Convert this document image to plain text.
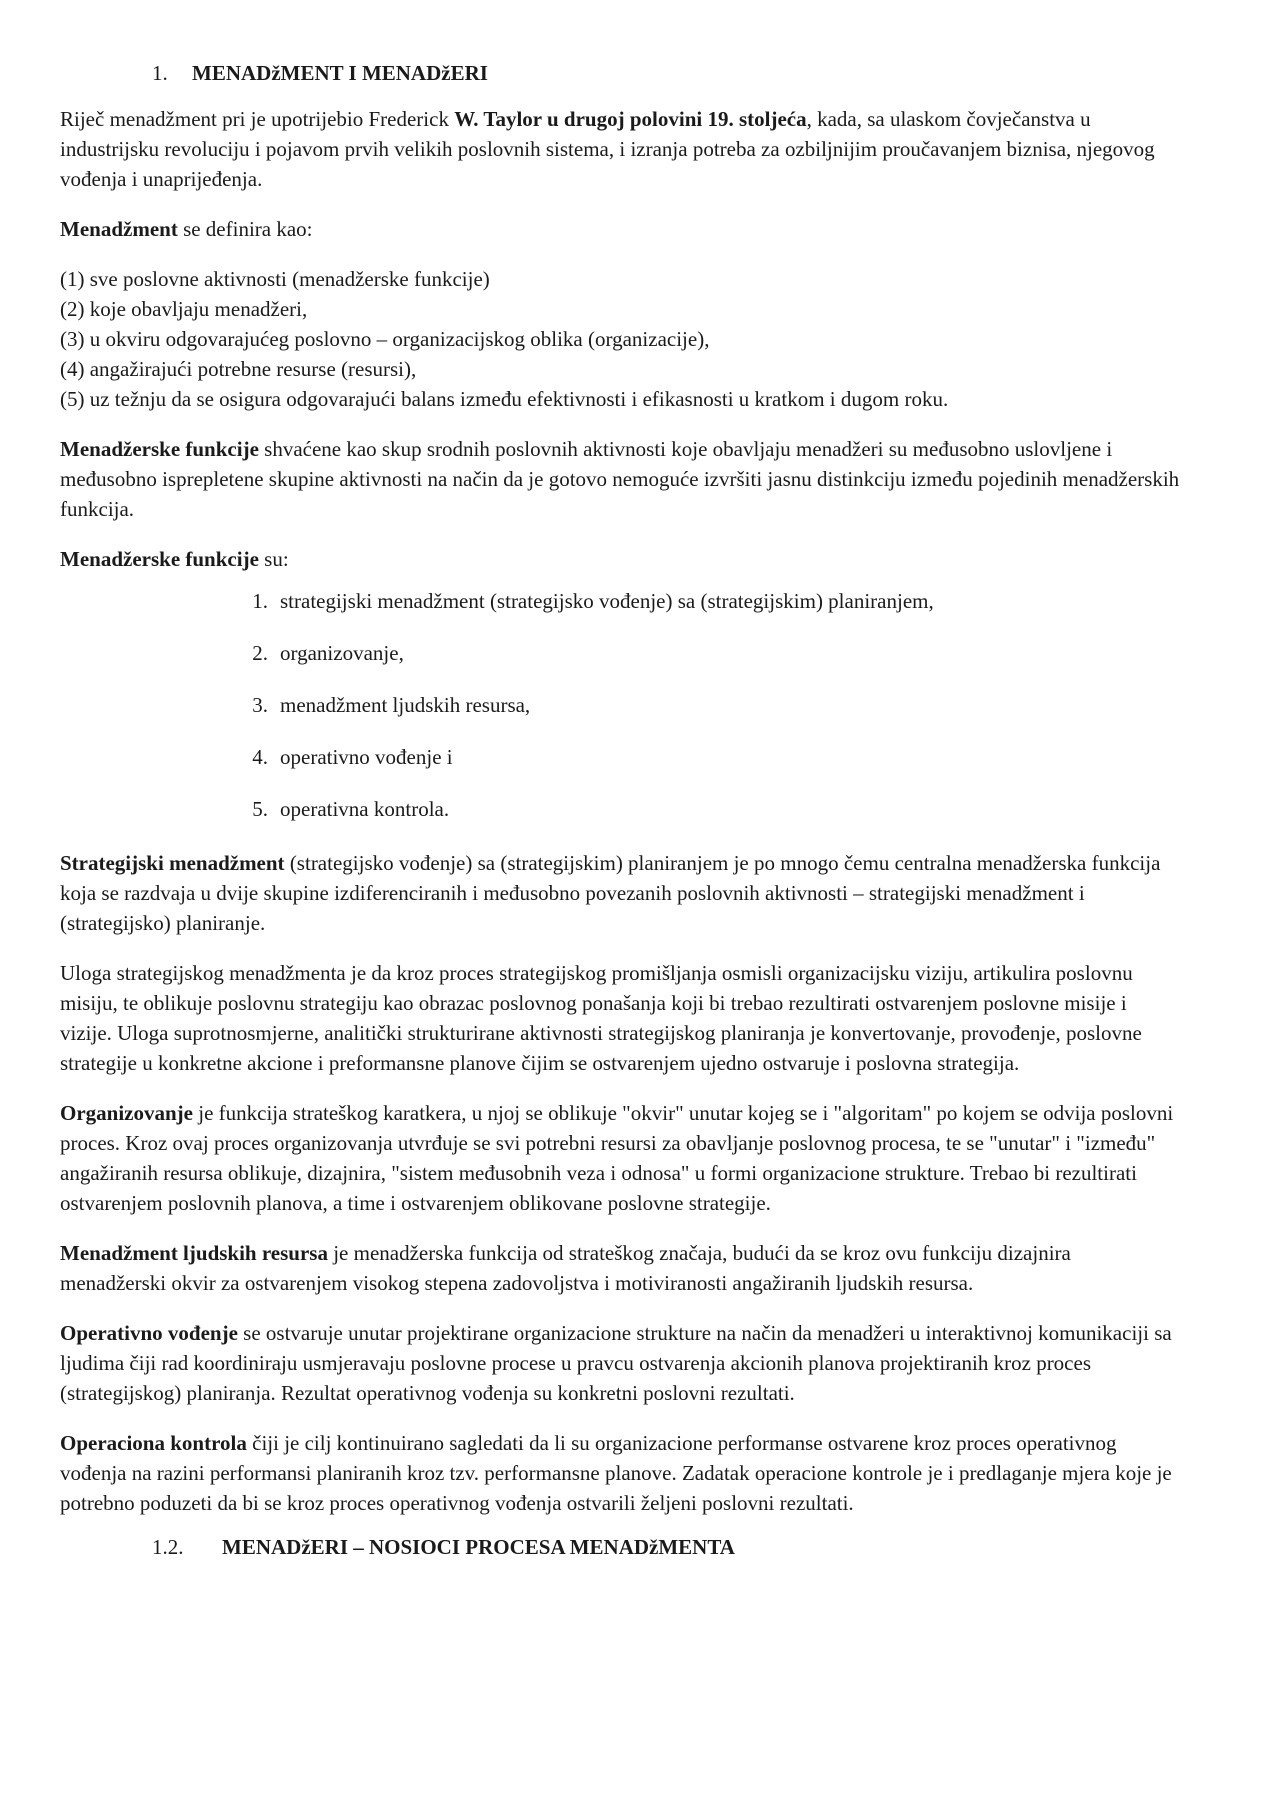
1.	MENADžMENT I MENADžERI

Riječ menadžment pri je upotrijebio Frederick W. Taylor u drugoj polovini 19. stoljeća, kada, sa ulaskom čovječanstva u industrijsku revoluciju i pojavom prvih velikih poslovnih sistema, i izranja potreba za ozbiljnijim proučavanjem biznisa, njegovog vođenja i unaprijeđenja.

Menadžment se definira kao:

(1) sve poslovne aktivnosti (menadžerske funkcije)
(2) koje obavljaju menadžeri,
(3) u okviru odgovarajućeg poslovno – organizacijskog oblika (organizacije),
(4) angažirajući potrebne resurse (resursi),
(5) uz težnju da se osigura odgovarajući balans između efektivnosti i efikasnosti u kratkom i dugom roku.

Menadžerske funkcije shvaćene kao skup srodnih poslovnih aktivnosti koje obavljaju menadžeri su međusobno uslovljene i međusobno isprepletene skupine aktivnosti na način da je gotovo nemoguće izvršiti jasnu distinkciju između pojedinih menadžerskih funkcija.

Menadžerske funkcije su:

1. strategijski menadžment (strategijsko vođenje) sa (strategijskim) planiranjem,
2. organizovanje,
3. menadžment ljudskih resursa,
4. operativno vođenje i
5. operativna kontrola.

Strategijski menadžment (strategijsko vođenje) sa (strategijskim) planiranjem je po mnogo čemu centralna menadžerska funkcija koja se razdvaja u dvije skupine izdiferenciranih i međusobno povezanih poslovnih aktivnosti – strategijski menadžment i (strategijsko) planiranje.

Uloga strategijskog menadžmenta je da kroz proces strategijskog promišljanja osmisli organizacijsku viziju, artikulira poslovnu misiju, te oblikuje poslovnu strategiju kao obrazac poslovnog ponašanja koji bi trebao rezultirati ostvarenjem poslovne misije i vizije. Uloga suprotnosmjerne, analitički strukturirane aktivnosti strategijskog planiranja je konvertovanje, provođenje, poslovne strategije u konkretne akcione i preformansne planove čijim se ostvarenjem ujedno ostvaruje i poslovna strategija.

Organizovanje je funkcija strateškog karatkera, u njoj se oblikuje "okvir" unutar kojeg se i "algoritam" po kojem se odvija poslovni proces. Kroz ovaj proces organizovanja utvrđuje se svi potrebni resursi za obavljanje poslovnog procesa, te se "unutar" i "između" angažiranih resursa oblikuje, dizajnira, "sistem međusobnih veza i odnosa" u formi organizacione strukture. Trebao bi rezultirati ostvarenjem poslovnih planova, a time i ostvarenjem oblikovane poslovne strategije.

Menadžment ljudskih resursa je menadžerska funkcija od strateškog značaja, budući da se kroz ovu funkciju dizajnira menadžerski okvir za ostvarenjem visokog stepena zadovoljstva i motiviranosti angažiranih ljudskih resursa.

Operativno vođenje se ostvaruje unutar projektirane organizacione strukture na način da menadžeri u interaktivnoj komunikaciji sa ljudima čiji rad koordiniraju usmjeravaju poslovne procese u pravcu ostvarenja akcionih planova projektiranih kroz proces (strategijskog) planiranja. Rezultat operativnog vođenja su konkretni poslovni rezultati.

Operaciona kontrola čiji je cilj kontinuirano sagledati da li su organizacione performanse ostvarene kroz proces operativnog vođenja na razini performansi planiranih kroz tzv. performansne planove. Zadatak operacione kontrole je i predlaganje mjera koje je potrebno poduzeti da bi se kroz proces operativnog vođenja ostvarili željeni poslovni rezultati.

1.2.	MENADžERI – NOSIOCI PROCESA MENADžMENTA
